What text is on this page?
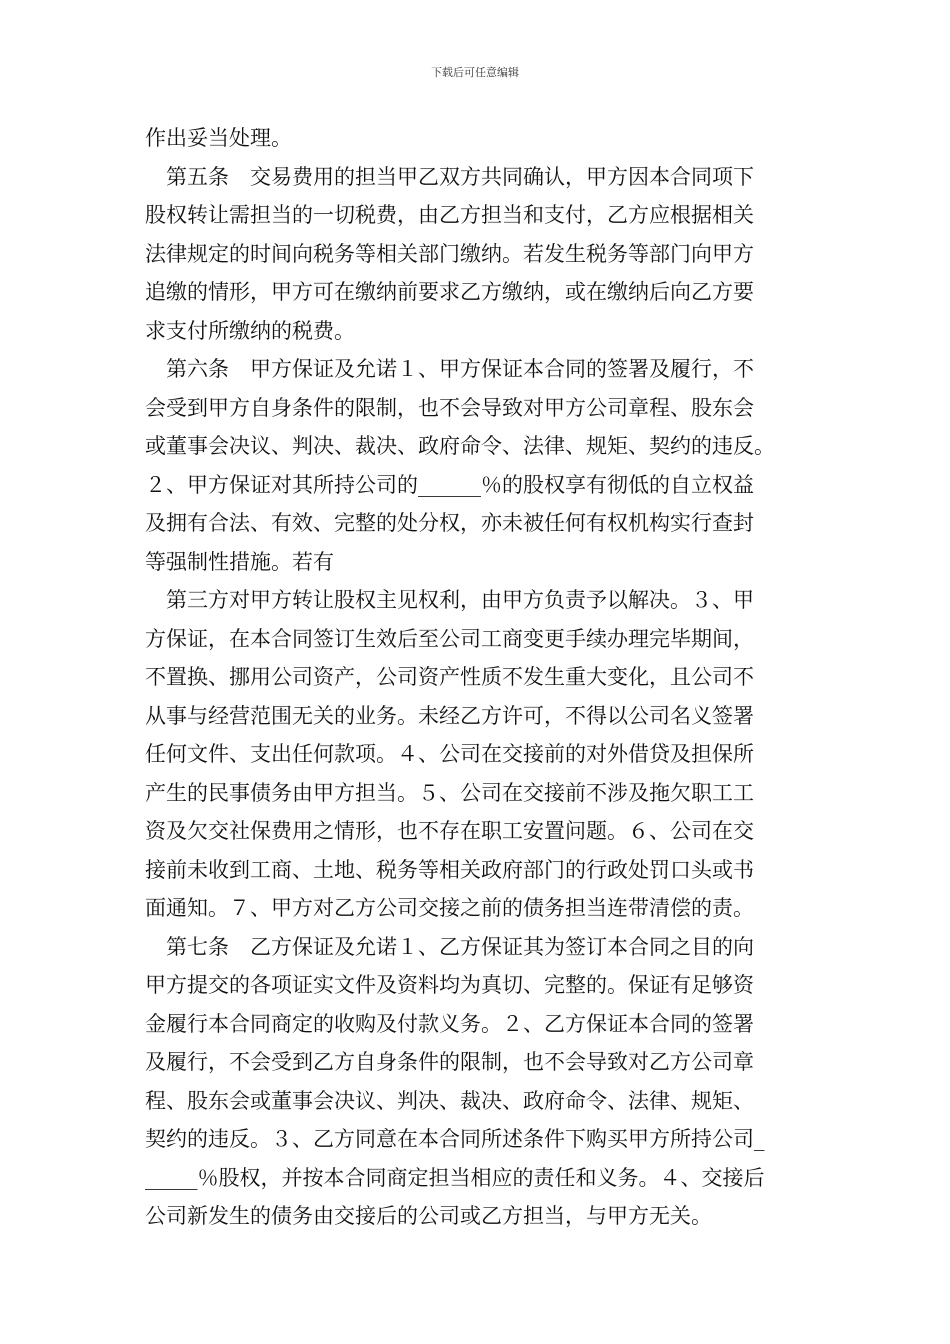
下载后可任意编辑
作出妥当处理。
第五条　交易费用的担当甲乙双方共同确认，甲方因本合同项下
股权转让需担当的一切税费，由乙方担当和支付，乙方应根据相关
法律规定的时间向税务等相关部门缴纳。若发生税务等部门向甲方
追缴的情形，甲方可在缴纳前要求乙方缴纳，或在缴纳后向乙方要
求支付所缴纳的税费。
第六条　甲方保证及允诺１、甲方保证本合同的签署及履行，不
会受到甲方自身条件的限制，也不会导致对甲方公司章程、股东会
或董事会决议、判决、裁决、政府命令、法律、规矩、契约的违反。
２、甲方保证对其所持公司的______％的股权享有彻低的自立权益
及拥有合法、有效、完整的处分权，亦未被任何有权机构实行查封
等强制性措施。若有
第三方对甲方转让股权主见权利，由甲方负责予以解决。３、甲
方保证，在本合同签订生效后至公司工商变更手续办理完毕期间，
不置换、挪用公司资产，公司资产性质不发生重大变化，且公司不
从事与经营范围无关的业务。未经乙方许可，不得以公司名义签署
任何文件、支出任何款项。４、公司在交接前的对外借贷及担保所
产生的民事债务由甲方担当。５、公司在交接前不涉及拖欠职工工
资及欠交社保费用之情形，也不存在职工安置问题。６、公司在交
接前未收到工商、土地、税务等相关政府部门的行政处罚口头或书
面通知。７、甲方对乙方公司交接之前的债务担当连带清偿的责。
第七条　乙方保证及允诺１、乙方保证其为签订本合同之目的向
甲方提交的各项证实文件及资料均为真切、完整的。保证有足够资
金履行本合同商定的收购及付款义务。２、乙方保证本合同的签署
及履行，不会受到乙方自身条件的限制，也不会导致对乙方公司章
程、股东会或董事会决议、判决、裁决、政府命令、法律、规矩、
契约的违反。３、乙方同意在本合同所述条件下购买甲方所持公司_
_____％股权，并按本合同商定担当相应的责任和义务。４、交接后
公司新发生的债务由交接后的公司或乙方担当，与甲方无关。
